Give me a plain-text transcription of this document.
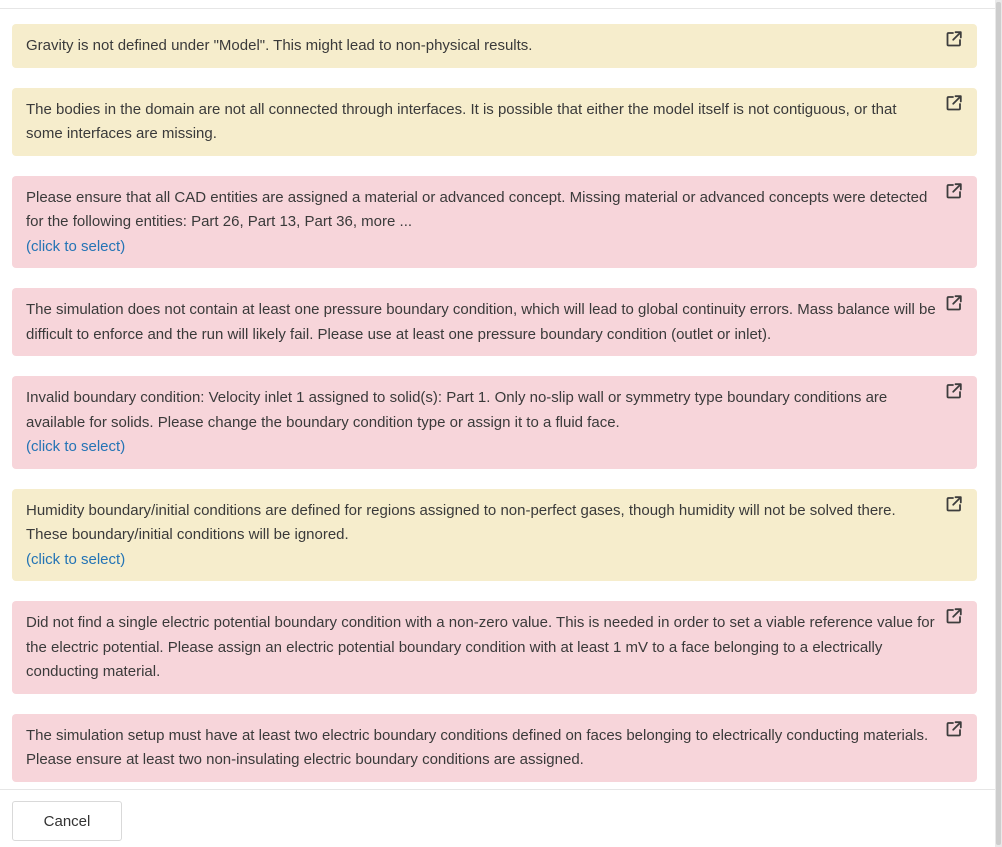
Gravity is not defined under "Model". This might lead to non-physical results.
The bodies in the domain are not all connected through interfaces. It is possible that either the model itself is not contiguous, or that some interfaces are missing.
Please ensure that all CAD entities are assigned a material or advanced concept. Missing material or advanced concepts were detected for the following entities: Part 26, Part 13, Part 36, more ...
(click to select)
The simulation does not contain at least one pressure boundary condition, which will lead to global continuity errors. Mass balance will be difficult to enforce and the run will likely fail. Please use at least one pressure boundary condition (outlet or inlet).
Invalid boundary condition: Velocity inlet 1 assigned to solid(s): Part 1. Only no-slip wall or symmetry type boundary conditions are available for solids. Please change the boundary condition type or assign it to a fluid face.
(click to select)
Humidity boundary/initial conditions are defined for regions assigned to non-perfect gases, though humidity will not be solved there. These boundary/initial conditions will be ignored.
(click to select)
Did not find a single electric potential boundary condition with a non-zero value. This is needed in order to set a viable reference value for the electric potential. Please assign an electric potential boundary condition with at least 1 mV to a face belonging to a electrically conducting material.
The simulation setup must have at least two electric boundary conditions defined on faces belonging to electrically conducting materials. Please ensure at least two non-insulating electric boundary conditions are assigned.
Cancel
